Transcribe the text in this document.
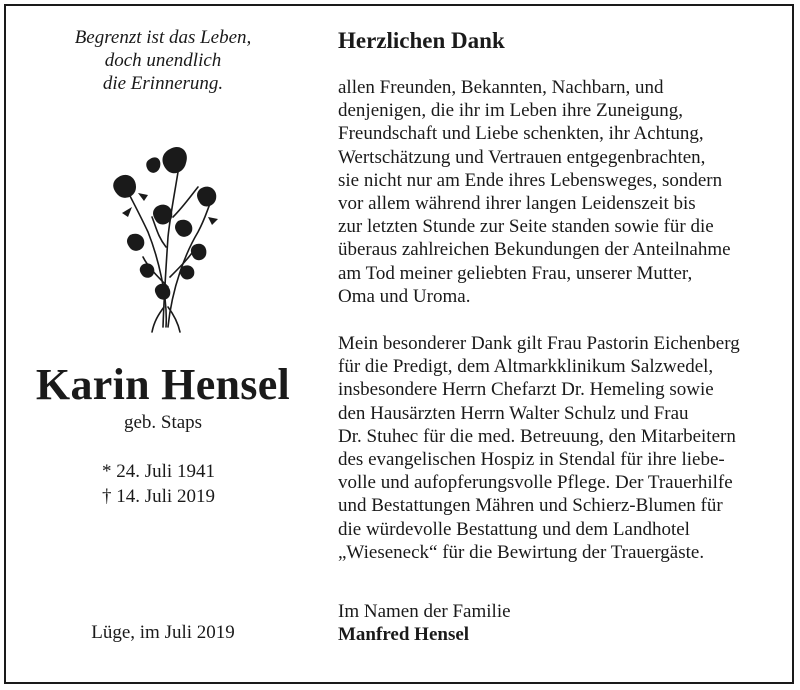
Begrenzt ist das Leben,
doch unendlich
die Erinnerung.
Karin Hensel
geb. Staps
* 24. Juli 1941
† 14. Juli 2019
Lüge, im Juli 2019
Herzlichen Dank
allen Freunden, Bekannten, Nachbarn, und
denjenigen, die ihr im Leben ihre Zuneigung,
Freundschaft und Liebe schenkten, ihr Achtung,
Wertschätzung und Vertrauen entgegenbrachten,
sie nicht nur am Ende ihres Lebensweges, sondern
vor allem während ihrer langen Leidenszeit bis
zur letzten Stunde zur Seite standen sowie für die
überaus zahlreichen Bekundungen der Anteilnahme
am Tod meiner geliebten Frau, unserer Mutter,
Oma und Uroma.
Mein besonderer Dank gilt Frau Pastorin Eichenberg
für die Predigt, dem Altmarkklinikum Salzwedel,
insbesondere Herrn Chefarzt Dr. Hemeling sowie
den Hausärzten Herrn Walter Schulz und Frau
Dr. Stuhec für die med. Betreuung, den Mitarbeitern
des evangelischen Hospiz in Stendal für ihre liebe-
volle und aufopferungsvolle Pflege. Der Trauerhilfe
und Bestattungen Mähren und Schierz-Blumen für
die würdevolle Bestattung und dem Landhotel
„Wieseneck“ für die Bewirtung der Trauergäste.
Im Namen der Familie
Manfred Hensel
